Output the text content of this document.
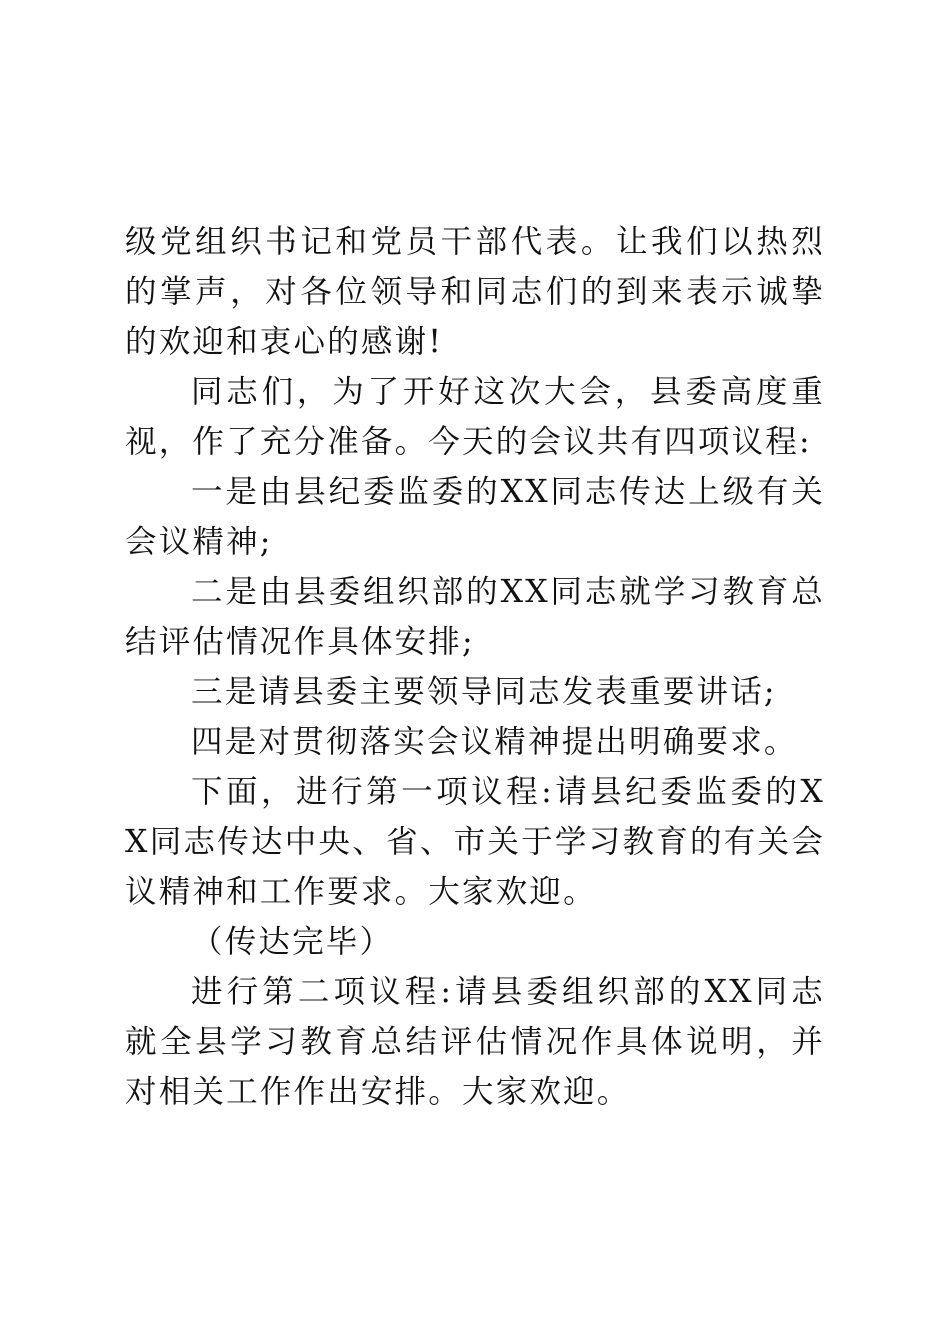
级党组织书记和党员干部代表。让我们以热烈的掌声，对各位领导和同志们的到来表示诚挚的欢迎和衷心的感谢!

同志们，为了开好这次大会，县委高度重视，作了充分准备。今天的会议共有四项议程:

一是由县纪委监委的XX同志传达上级有关会议精神;

二是由县委组织部的XX同志就学习教育总结评估情况作具体安排;

三是请县委主要领导同志发表重要讲话;

四是对贯彻落实会议精神提出明确要求。

下面，进行第一项议程:请县纪委监委的XX同志传达中央、省、市关于学习教育的有关会议精神和工作要求。大家欢迎。

（传达完毕）

进行第二项议程:请县委组织部的XX同志就全县学习教育总结评估情况作具体说明，并对相关工作作出安排。大家欢迎。
